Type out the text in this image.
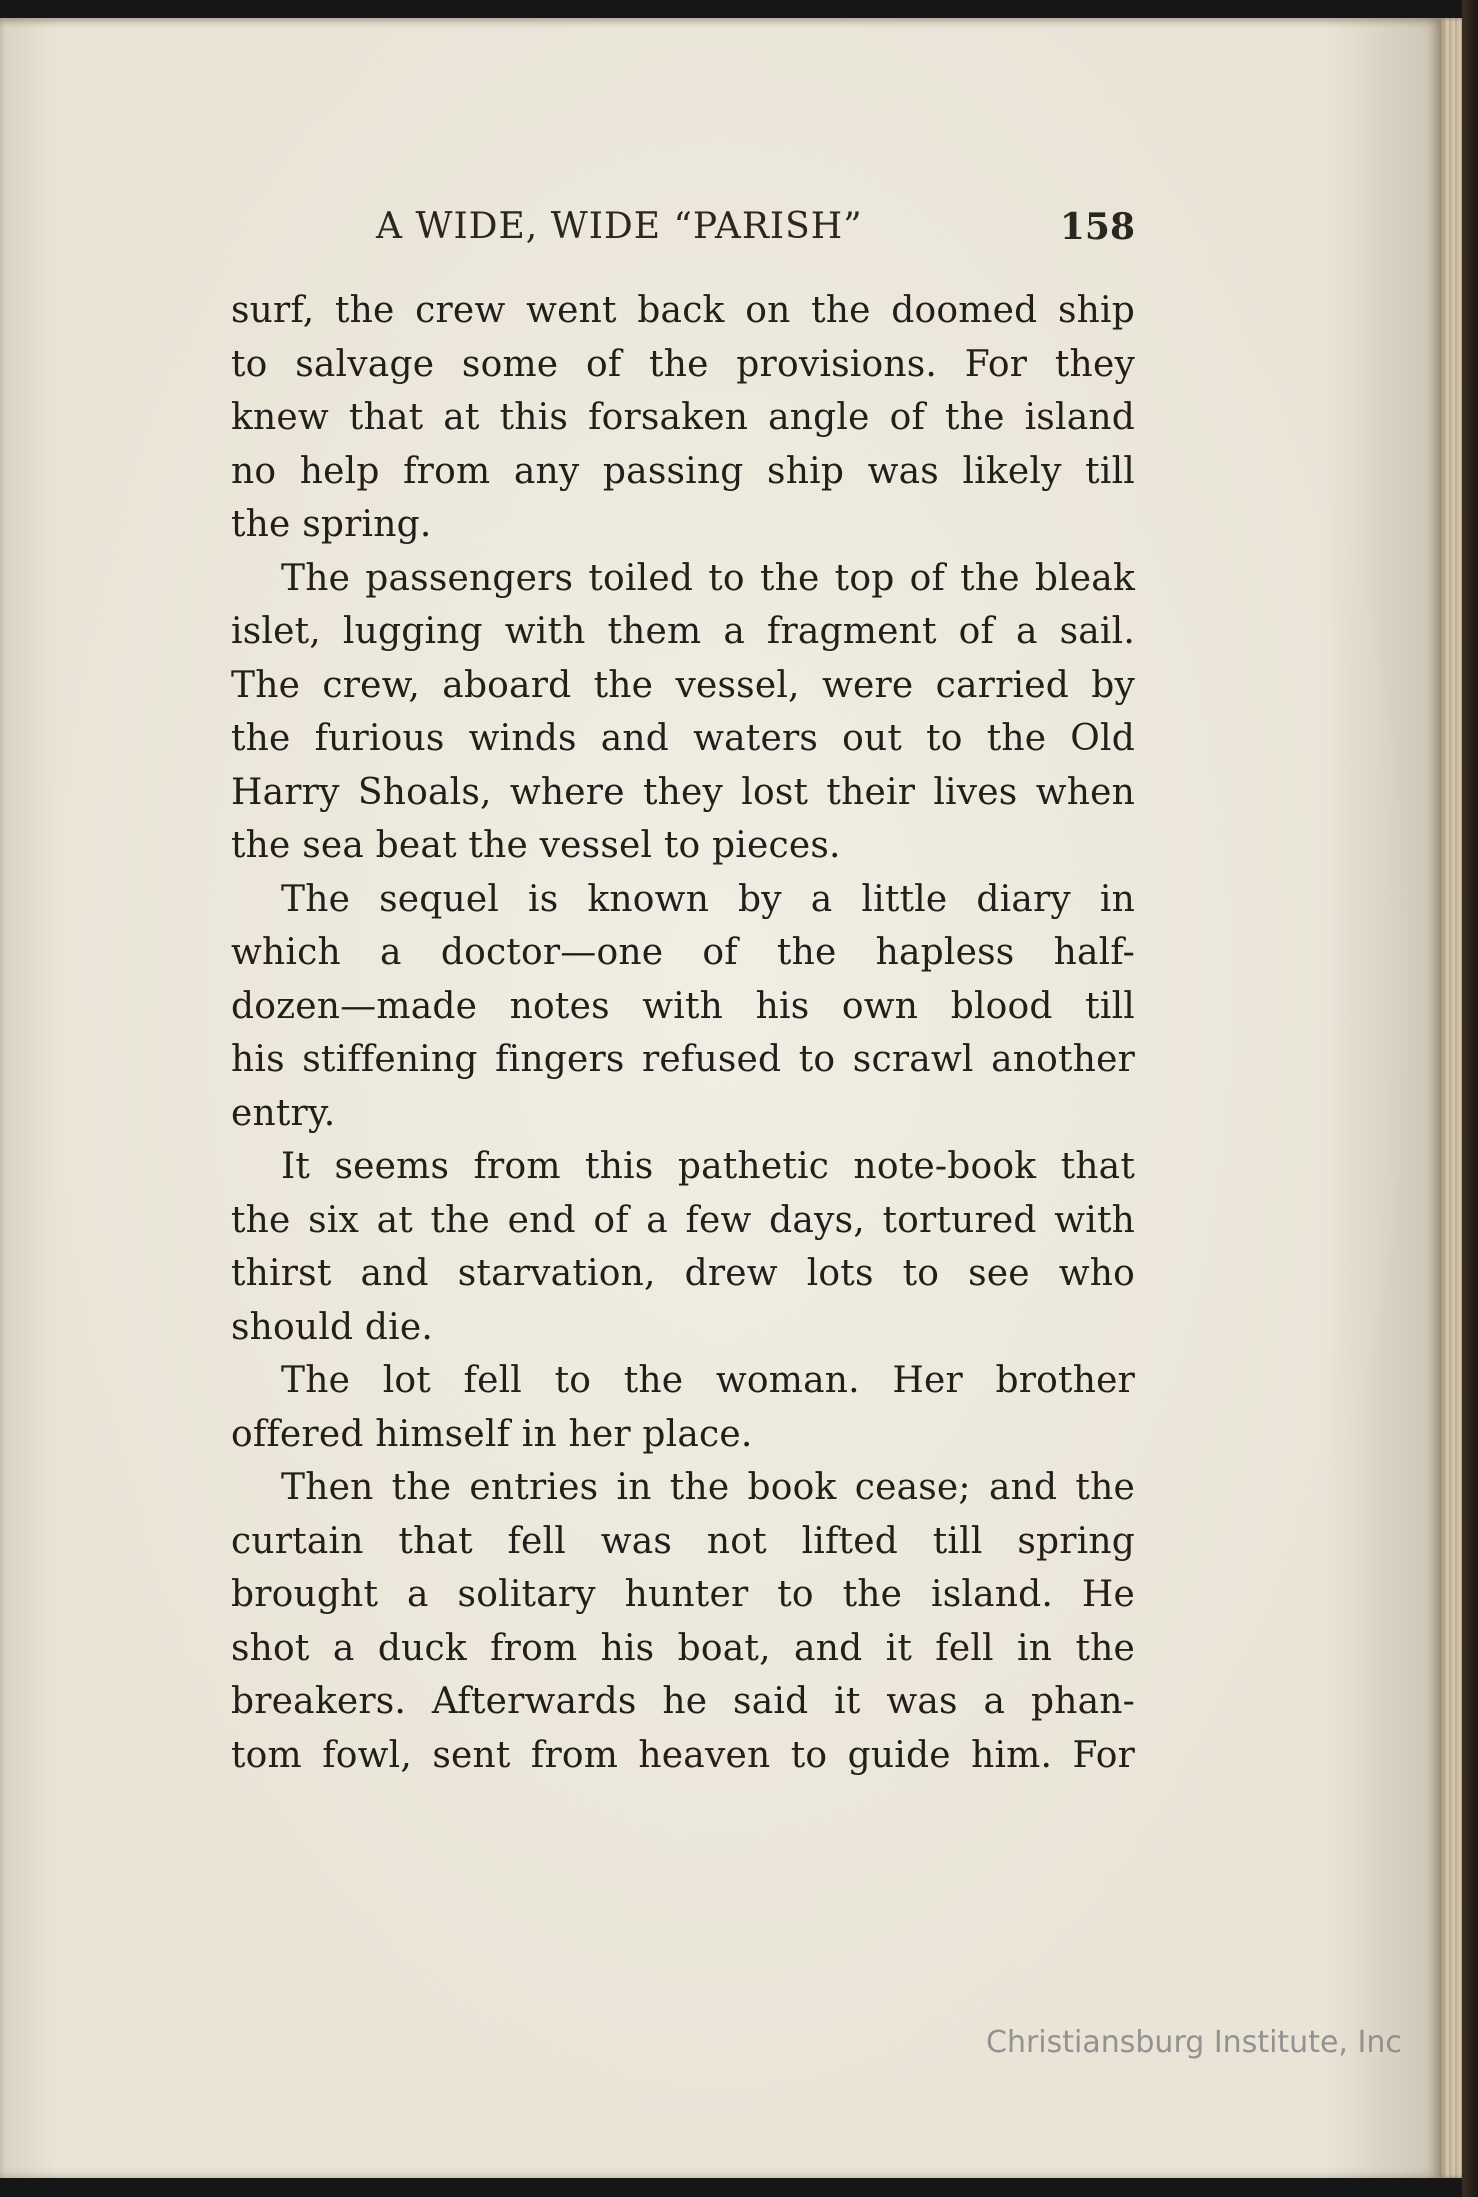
A WIDE, WIDE “PARISH”	158
surf, the crew went back on the doomed ship
to salvage some of the provisions. For they
knew that at this forsaken angle of the island
no help from any passing ship was likely till
the spring.
The passengers toiled to the top of the bleak
islet, lugging with them a fragment of a sail.
The crew, aboard the vessel, were carried by
the furious winds and waters out to the Old
Harry Shoals, where they lost their lives when
the sea beat the vessel to pieces.
The sequel is known by a little diary in
which a doctor—one of the hapless half-
dozen—made notes with his own blood till
his stiffening fingers refused to scrawl another
entry.
It seems from this pathetic note-book that
the six at the end of a few days, tortured with
thirst and starvation, drew lots to see who
should die.
The lot fell to the woman. Her brother
offered himself in her place.
Then the entries in the book cease; and the
curtain that fell was not lifted till spring
brought a solitary hunter to the island. He
shot a duck from his boat, and it fell in the
breakers. Afterwards he said it was a phan-
tom fowl, sent from heaven to guide him. For
Christiansburg Institute, Inc
